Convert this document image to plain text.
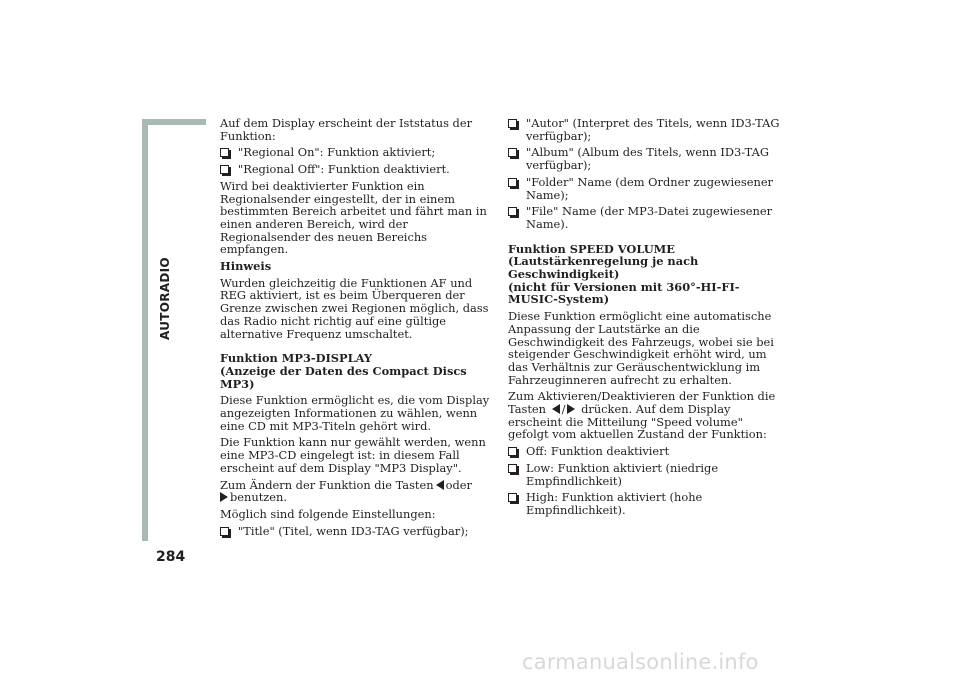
AUTORADIO
284

Auf dem Display erscheint der Iststatus der Funktion:

"Regional On": Funktion aktiviert;
"Regional Off": Funktion deaktiviert.

Wird bei deaktivierter Funktion ein Regionalsender eingestellt, der in einem bestimmten Bereich arbeitet und fährt man in einen anderen Bereich, wird der Regionalsender des neuen Bereichs empfangen.

Hinweis

Wurden gleichzeitig die Funktionen AF und REG aktiviert, ist es beim Überqueren der Grenze zwischen zwei Regionen möglich, dass das Radio nicht richtig auf eine gültige alternative Frequenz umschaltet.

Funktion MP3-DISPLAY
(Anzeige der Daten des Compact Discs MP3)

Diese Funktion ermöglicht es, die vom Display angezeigten Informationen zu wählen, wenn eine CD mit MP3-Titeln gehört wird.

Die Funktion kann nur gewählt werden, wenn eine MP3-CD eingelegt ist: in diesem Fall erscheint auf dem Display "MP3 Display".

Zum Ändern der Funktion die Tasten oder
benutzen.

Möglich sind folgende Einstellungen:

"Title" (Titel, wenn ID3-TAG verfügbar);
"Autor" (Interpret des Titels, wenn ID3-TAG verfügbar);
"Album" (Album des Titels, wenn ID3-TAG verfügbar);
"Folder" Name (dem Ordner zugewiesener Name);
"File" Name (der MP3-Datei zugewiesener Name).
Funktion SPEED VOLUME
(Lautstärkenregelung je nach Geschwindigkeit)
(nicht für Versionen mit 360°-HI-FI-MUSIC-System)

Diese Funktion ermöglicht eine automatische Anpassung der Lautstärke an die Geschwindigkeit des Fahrzeugs, wobei sie bei steigender Geschwindigkeit erhöht wird, um das Verhältnis zur Geräuschentwicklung im Fahrzeuginneren aufrecht zu erhalten.

Zum Aktivieren/Deaktivieren der Funktion die Tasten / drücken. Auf dem Display erscheint die Mitteilung "Speed volume" gefolgt vom aktuellen Zustand der Funktion:

Off: Funktion deaktiviert
Low: Funktion aktiviert (niedrige Empfindlichkeit)
High: Funktion aktiviert (hohe Empfindlichkeit).
carmanualsonline.info
